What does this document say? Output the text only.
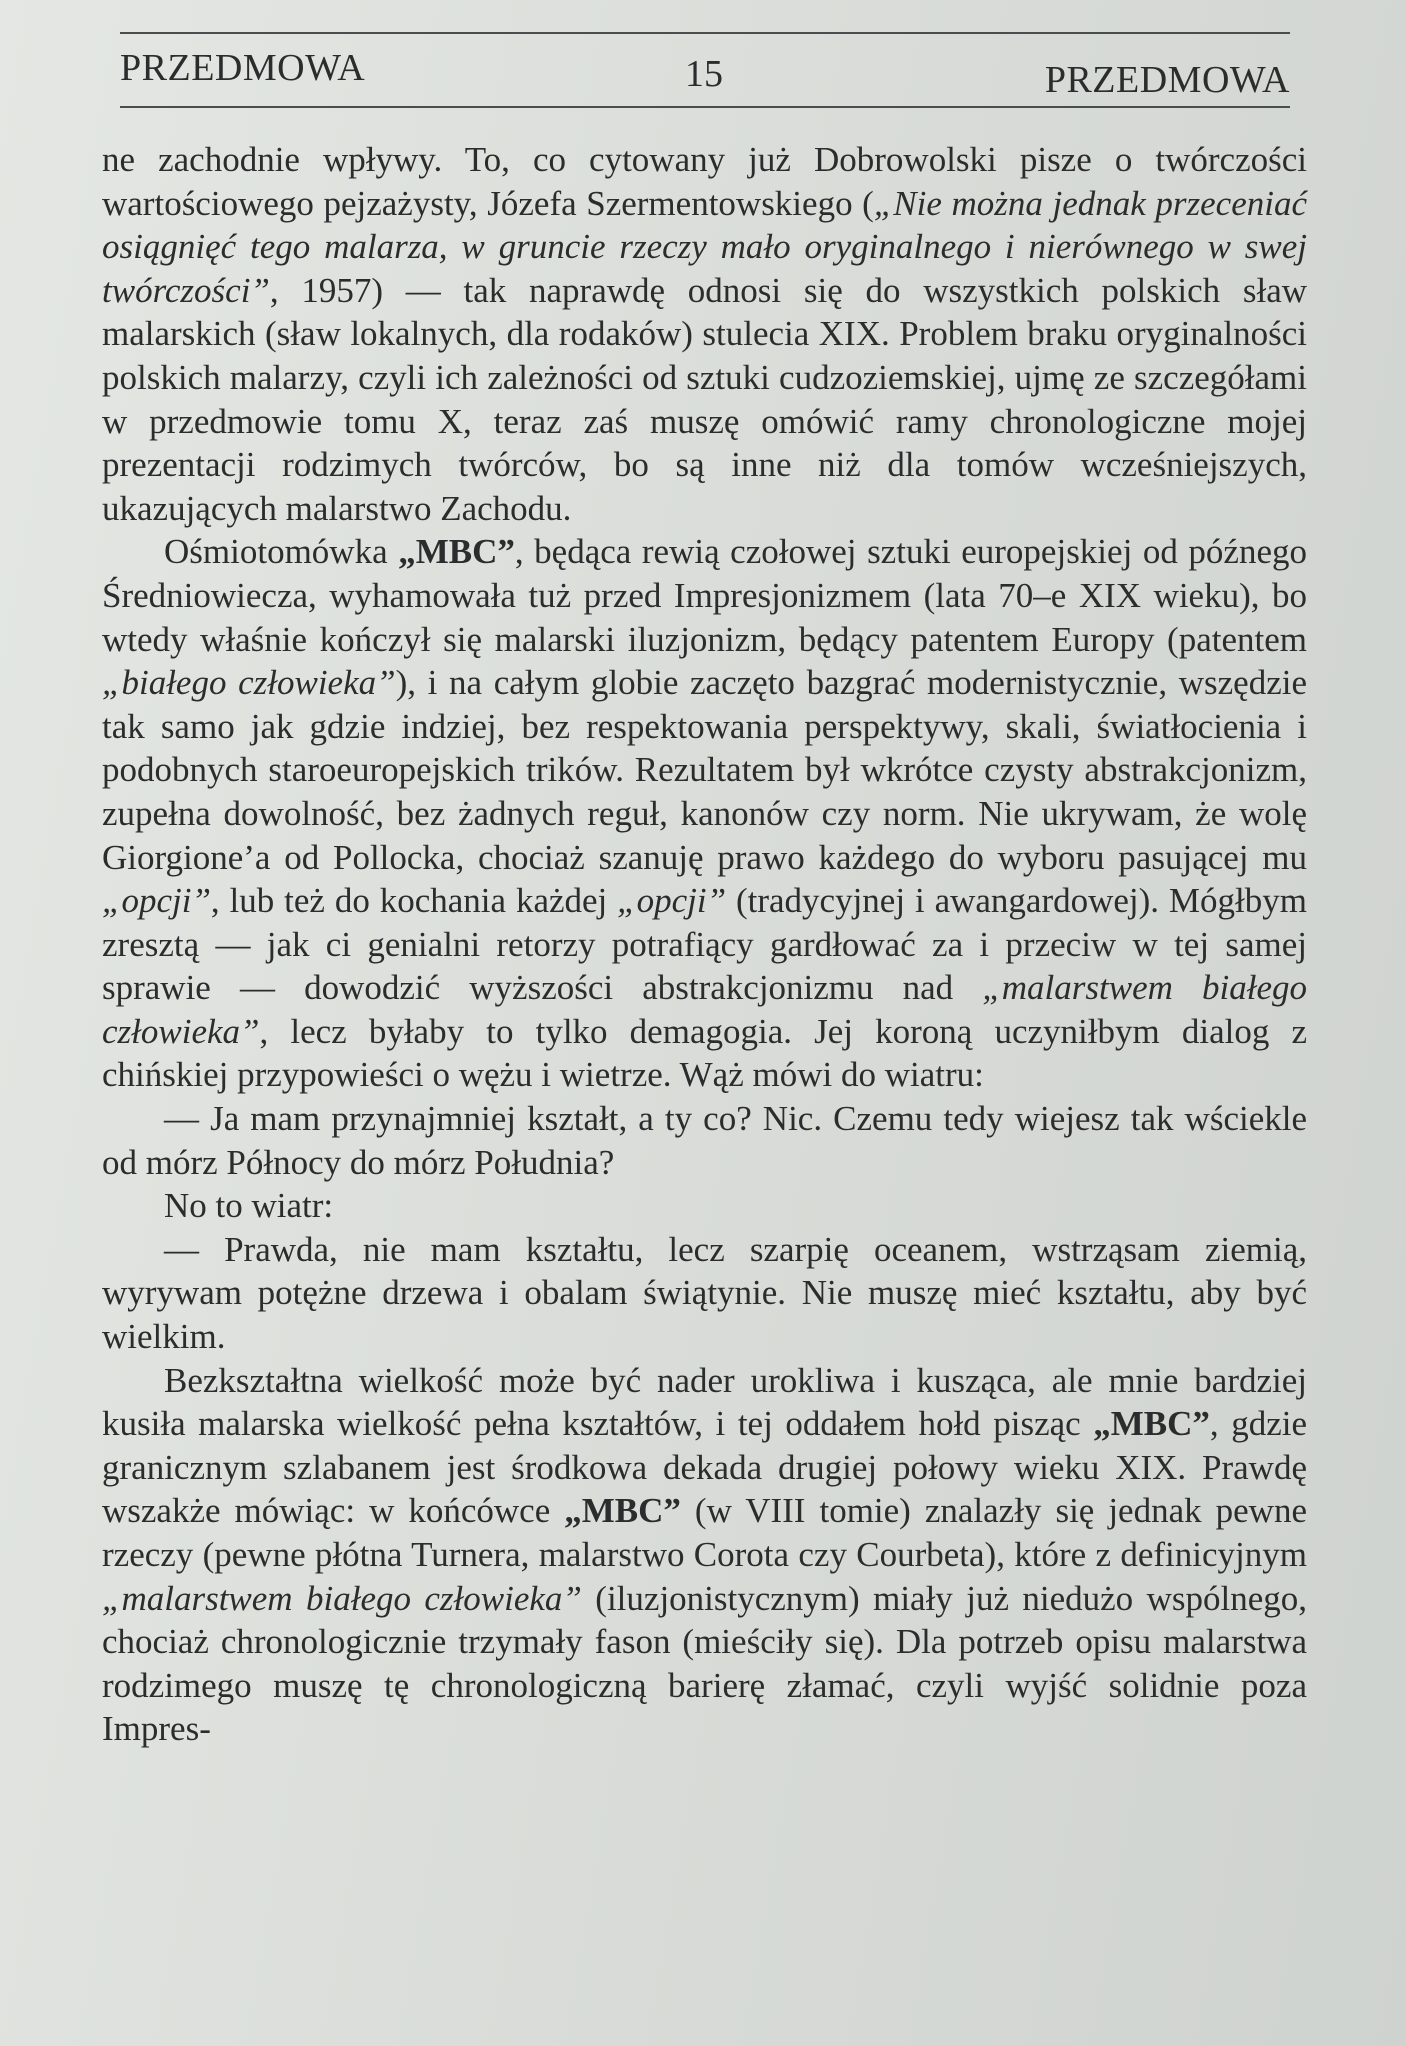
PRZEDMOWA	15	PRZEDMOWA

ne zachodnie wpływy. To, co cytowany już Dobrowolski pisze o twórczości wartościowego pejzażysty, Józefa Szermentowskiego („Nie można jednak przeceniać osiągnięć tego malarza, w gruncie rzeczy mało oryginalnego i nierównego w swej twórczości”, 1957) — tak naprawdę odnosi się do wszystkich polskich sław malarskich (sław lokalnych, dla rodaków) stulecia XIX. Problem braku oryginalności polskich malarzy, czyli ich zależności od sztuki cudzoziemskiej, ujmę ze szczegółami w przedmowie tomu X, teraz zaś muszę omówić ramy chronologiczne mojej prezentacji rodzimych twórców, bo są inne niż dla tomów wcześniejszych, ukazujących malarstwo Zachodu.

Ośmiotomówka „MBC”, będąca rewią czołowej sztuki europejskiej od późnego Średniowiecza, wyhamowała tuż przed Impresjonizmem (lata 70–e XIX wieku), bo wtedy właśnie kończył się malarski iluzjonizm, będący patentem Europy (patentem „białego człowieka”), i na całym globie zaczęto bazgrać modernistycznie, wszędzie tak samo jak gdzie indziej, bez respektowania perspektywy, skali, światłocienia i podobnych staroeuropejskich trików. Rezultatem był wkrótce czysty abstrakcjonizm, zupełna dowolność, bez żadnych reguł, kanonów czy norm. Nie ukrywam, że wolę Giorgione’a od Pollocka, chociaż szanuję prawo każdego do wyboru pasującej mu „opcji”, lub też do kochania każdej „opcji” (tradycyjnej i awangardowej). Mógłbym zresztą — jak ci genialni retorzy potrafiący gardłować za i przeciw w tej samej sprawie — dowodzić wyższości abstrakcjonizmu nad „malarstwem białego człowieka”, lecz byłaby to tylko demagogia. Jej koroną uczyniłbym dialog z chińskiej przypowieści o wężu i wietrze. Wąż mówi do wiatru:

— Ja mam przynajmniej kształt, a ty co? Nic. Czemu tedy wiejesz tak wściekle od mórz Północy do mórz Południa?

No to wiatr:

— Prawda, nie mam kształtu, lecz szarpię oceanem, wstrząsam ziemią, wyrywam potężne drzewa i obalam świątynie. Nie muszę mieć kształtu, aby być wielkim.

Bezkształtna wielkość może być nader urokliwa i kusząca, ale mnie bardziej kusiła malarska wielkość pełna kształtów, i tej oddałem hołd pisząc „MBC”, gdzie granicznym szlabanem jest środkowa dekada drugiej połowy wieku XIX. Prawdę wszakże mówiąc: w końcówce „MBC” (w VIII tomie) znalazły się jednak pewne rzeczy (pewne płótna Turnera, malarstwo Corota czy Courbeta), które z definicyjnym „malarstwem białego człowieka” (iluzjonistycznym) miały już niedużo wspólnego, chociaż chronologicznie trzymały fason (mieściły się). Dla potrzeb opisu malarstwa rodzimego muszę tę chronologiczną barierę złamać, czyli wyjść solidnie poza Impres-
